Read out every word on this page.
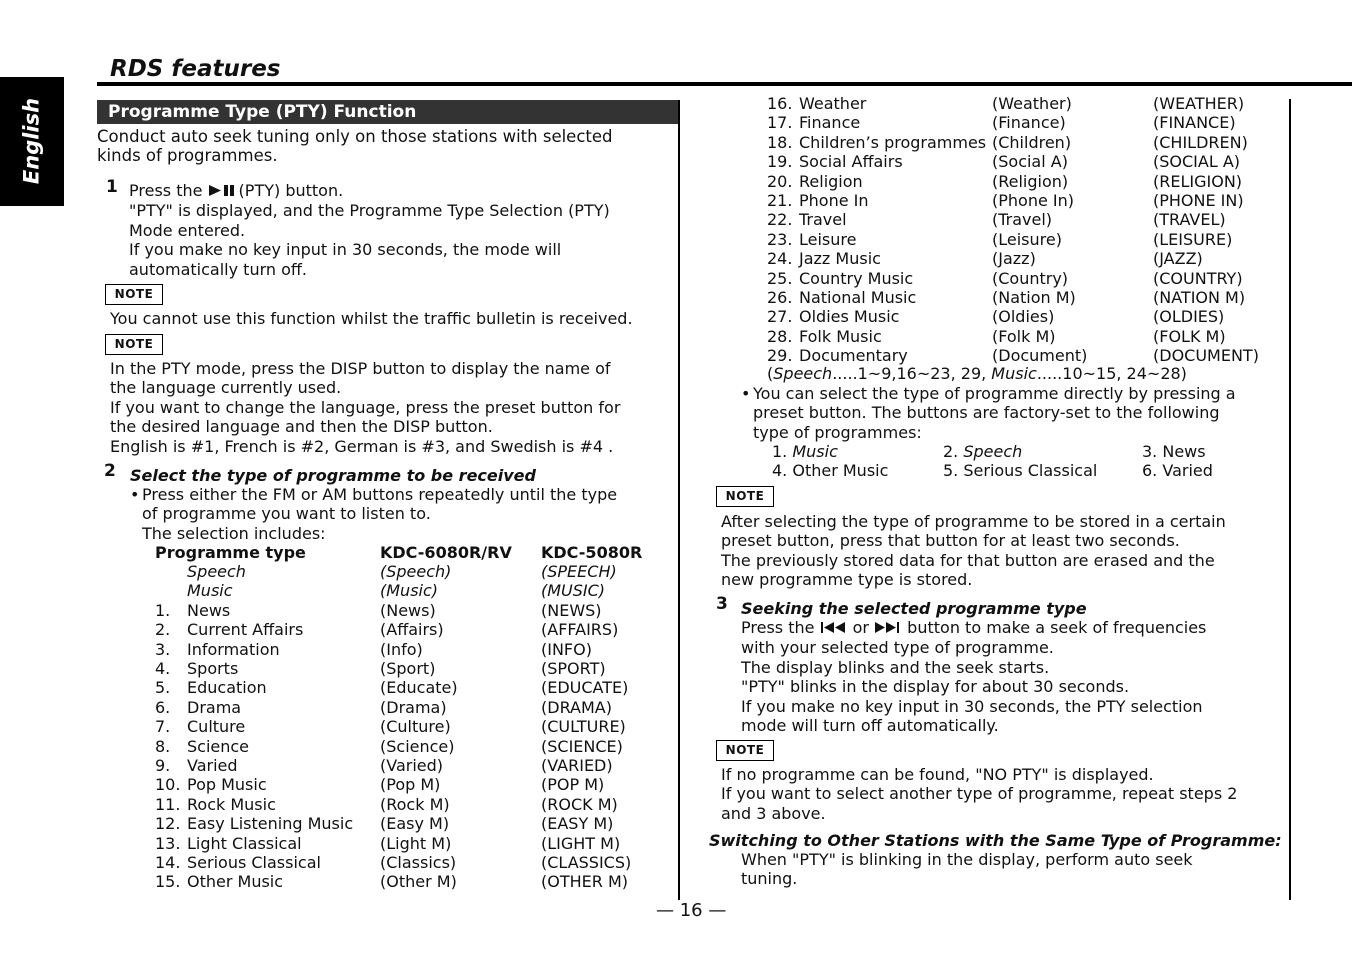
English
RDS features
Programme Type (PTY) Function
Conduct auto seek tuning only on those stations with selected
kinds of programmes.
1 Press the (PTY) button.
"PTY" is displayed, and the Programme Type Selection (PTY)
Mode entered.
If you make no key input in 30 seconds, the mode will
automatically turn off.
NOTE
You cannot use this function whilst the traffic bulletin is received.
NOTE
In the PTY mode, press the DISP button to display the name of
the language currently used.
If you want to change the language, press the preset button for
the desired language and then the DISP button.
English is #1, French is #2, German is #3, and Swedish is #4 .
2 Select the type of programme to be received
• Press either the FM or AM buttons repeatedly until the type
of programme you want to listen to.
The selection includes:
Programme type	KDC-6080R/RV KDC-5080R
Speech	(Speech)	(SPEECH)
Music	(Music)	(MUSIC)
1. News	(News)	(NEWS)
2. Current Affairs	(Affairs)	(AFFAIRS)
3. Information	(Info)	(INFO)
4. Sports	(Sport)	(SPORT)
5. Education	(Educate)	(EDUCATE)
6. Drama	(Drama)	(DRAMA)
7. Culture	(Culture)	(CULTURE)
8. Science	(Science)	(SCIENCE)
9. Varied	(Varied)	(VARIED)
10. Pop Music	(Pop M)	(POP M)
11. Rock Music	(Rock M)	(ROCK M)
12. Easy Listening Music (Easy M)	(EASY M)
13. Light Classical	(Light M)	(LIGHT M)
14. Serious Classical	(Classics)	(CLASSICS)
15. Other Music	(Other M)	(OTHER M)
16. Weather	(Weather)	(WEATHER)
17. Finance	(Finance)	(FINANCE)
18. Children’s programmes (Children)	(CHILDREN)
19. Social Affairs	(Social A)	(SOCIAL A)
20. Religion	(Religion)	(RELIGION)
21. Phone In	(Phone In)	(PHONE IN)
22. Travel	(Travel)	(TRAVEL)
23. Leisure	(Leisure)	(LEISURE)
24. Jazz Music	(Jazz)	(JAZZ)
25. Country Music	(Country)	(COUNTRY)
26. National Music	(Nation M)	(NATION M)
27. Oldies Music	(Oldies)	(OLDIES)
28. Folk Music	(Folk M)	(FOLK M)
29. Documentary	(Document)	(DOCUMENT)
(Speech.....1~9,16~23, 29, Music.....10~15, 24~28)
• You can select the type of programme directly by pressing a
preset button. The buttons are factory-set to the following
type of programmes:
1. Music	2. Speech	3. News
4. Other Music	5. Serious Classical	6. Varied
NOTE
After selecting the type of programme to be stored in a certain
preset button, press that button for at least two seconds.
The previously stored data for that button are erased and the
new programme type is stored.
3 Seeking the selected programme type
Press the  or  button to make a seek of frequencies
with your selected type of programme.
The display blinks and the seek starts.
"PTY" blinks in the display for about 30 seconds.
If you make no key input in 30 seconds, the PTY selection
mode will turn off automatically.
NOTE
If no programme can be found, "NO PTY" is displayed.
If you want to select another type of programme, repeat steps 2
and 3 above.
Switching to Other Stations with the Same Type of Programme:
When "PTY" is blinking in the display, perform auto seek
tuning.
— 16 —
